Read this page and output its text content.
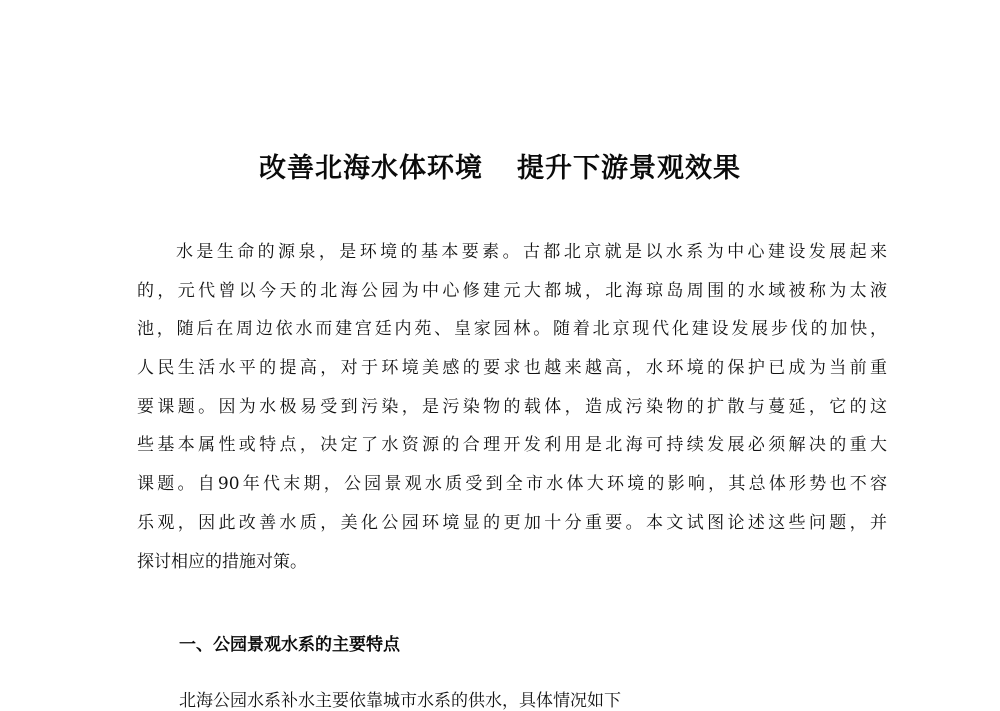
改善北海水体环境 提升下游景观效果
水是生命的源泉，是环境的基本要素。古都北京就是以水系为中心建设发展起来
的，元代曾以今天的北海公园为中心修建元大都城，北海琼岛周围的水域被称为太液
池，随后在周边依水而建宫廷内苑、皇家园林。随着北京现代化建设发展步伐的加快，
人民生活水平的提高，对于环境美感的要求也越来越高，水环境的保护已成为当前重
要课题。因为水极易受到污染，是污染物的载体，造成污染物的扩散与蔓延，它的这
些基本属性或特点，决定了水资源的合理开发利用是北海可持续发展必须解决的重大
课题。自90年代末期，公园景观水质受到全市水体大环境的影响，其总体形势也不容
乐观，因此改善水质，美化公园环境显的更加十分重要。本文试图论述这些问题，并
探讨相应的措施对策。
一、公园景观水系的主要特点
北海公园水系补水主要依靠城市水系的供水，具体情况如下
